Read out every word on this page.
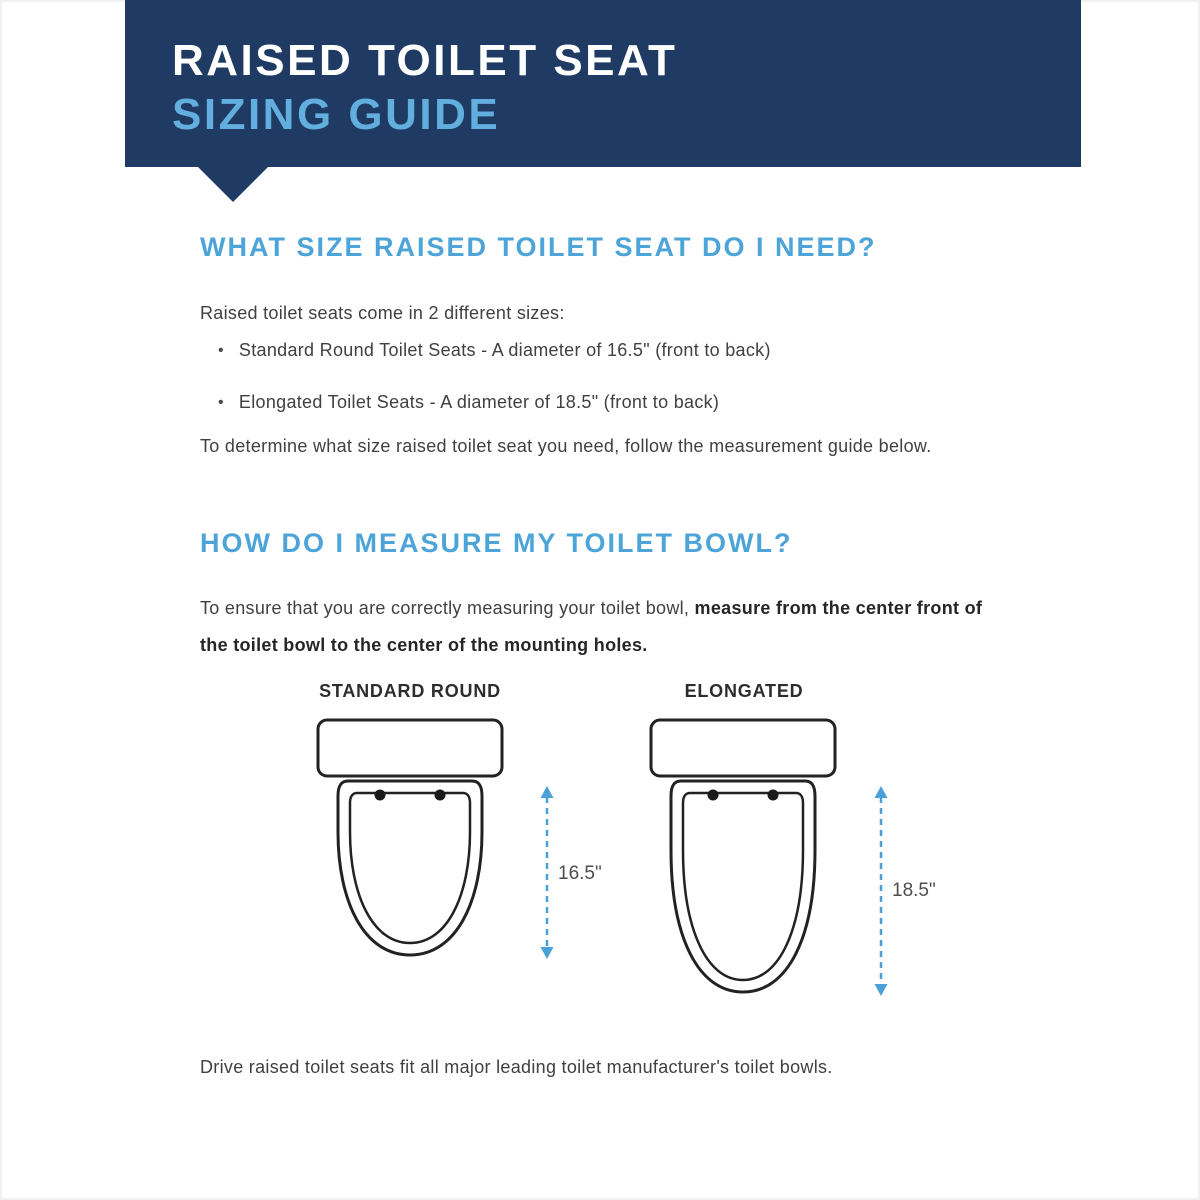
RAISED TOILET SEAT
SIZING GUIDE
WHAT SIZE RAISED TOILET SEAT DO I NEED?

Raised toilet seats come in 2 different sizes:

• Standard Round Toilet Seats - A diameter of 16.5" (front to back)
• Elongated Toilet Seats - A diameter of 18.5" (front to back)

To determine what size raised toilet seat you need, follow the measurement guide below.

HOW DO I MEASURE MY TOILET BOWL?

To ensure that you are correctly measuring your toilet bowl, measure from the center front of the toilet bowl to the center of the mounting holes.

STANDARD ROUND	ELONGATED

16.5"
18.5"

Drive raised toilet seats fit all major leading toilet manufacturer's toilet bowls.
